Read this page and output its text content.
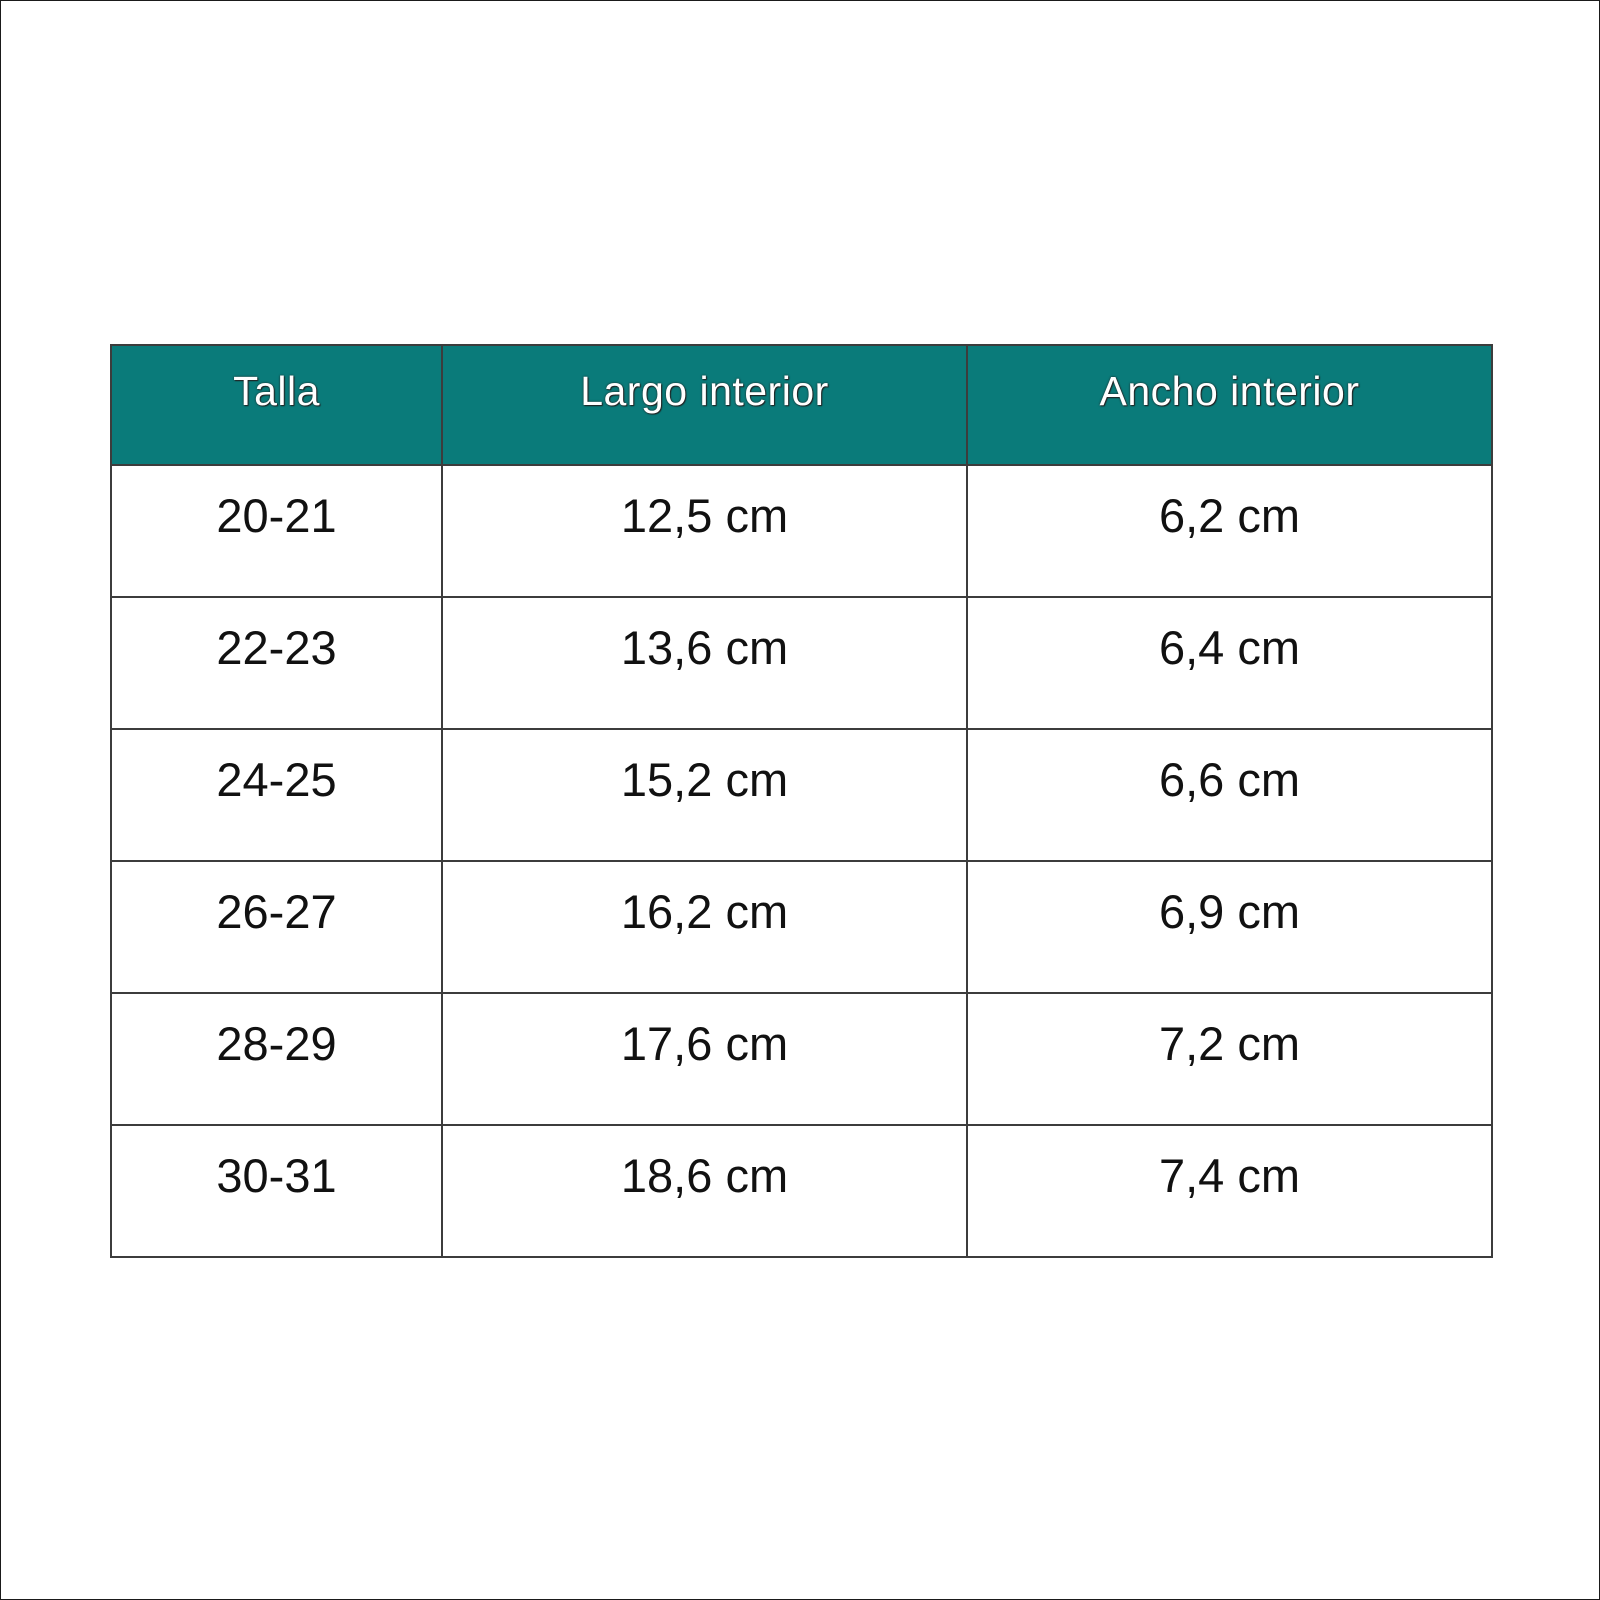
Talla	Largo interior	Ancho interior
20-21	12,5 cm	6,2 cm
22-23	13,6 cm	6,4 cm
24-25	15,2 cm	6,6 cm
26-27	16,2 cm	6,9 cm
28-29	17,6 cm	7,2 cm
30-31	18,6 cm	7,4 cm
